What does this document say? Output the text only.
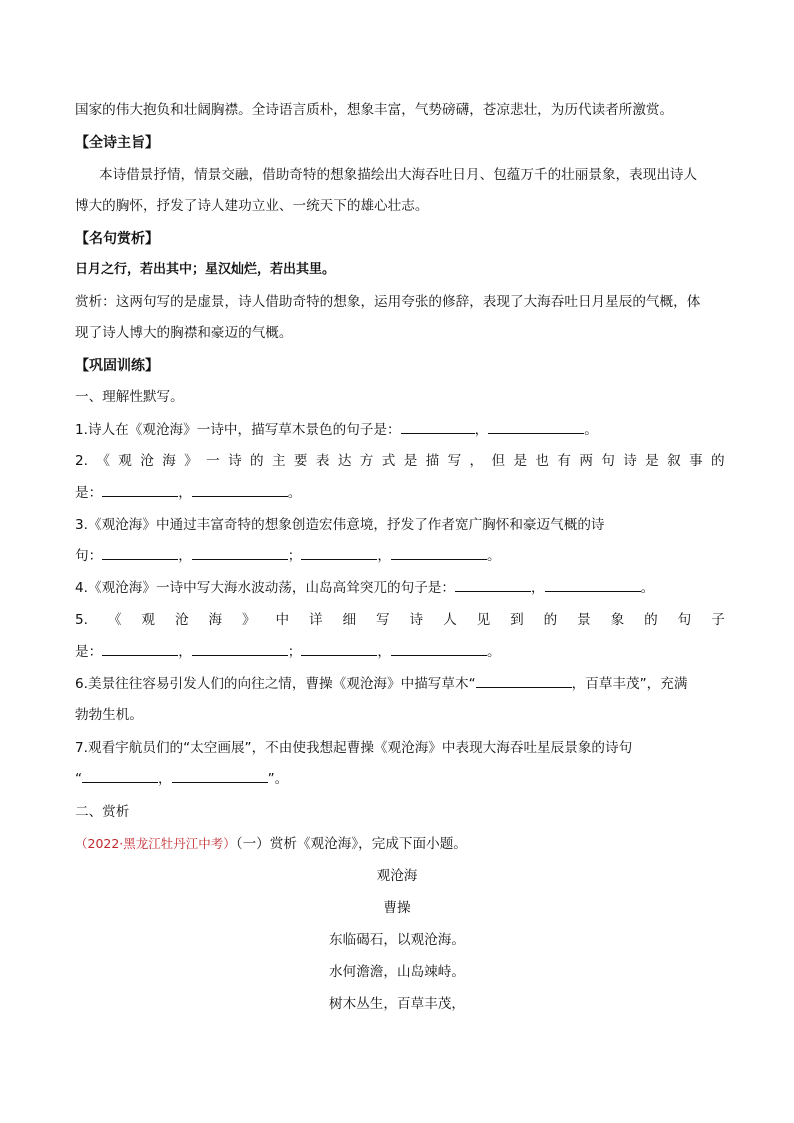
国家的伟大抱负和壮阔胸襟。全诗语言质朴，想象丰富，气势磅礴，苍凉悲壮，为历代读者所激赏。
【全诗主旨】
本诗借景抒情，情景交融，借助奇特的想象描绘出大海吞吐日月、包蕴万千的壮丽景象，表现出诗人
博大的胸怀，抒发了诗人建功立业、一统天下的雄心壮志。
【名句赏析】
日月之行，若出其中；星汉灿烂，若出其里。
赏析：这两句写的是虚景，诗人借助奇特的想象，运用夸张的修辞，表现了大海吞吐日月星辰的气概，体
现了诗人博大的胸襟和豪迈的气概。
【巩固训练】
一、理解性默写。
1.诗人在《观沧海》一诗中，描写草木景色的句子是：	，	。
2. 《 观 沧 海 》 一 诗 的 主 要 表 达 方 式 是 描 写 ， 但 是 也 有 两 句 诗 是 叙 事 的
是：	，	。
3.《观沧海》中通过丰富奇特的想象创造宏伟意境，抒发了作者宽广胸怀和豪迈气概的诗
句：	，	；	，	。
4.《观沧海》一诗中写大海水波动荡，山岛高耸突兀的句子是：	，	。
5. 《 观 沧 海 》 中 详 细 写 诗 人 见 到 的 景 象 的 句 子
是：	，	；	，	。
6.美景往往容易引发人们的向往之情，曹操《观沧海》中描写草木“	，百草丰茂”，充满
勃勃生机。
7.观看宇航员们的“太空画展”，不由使我想起曹操《观沧海》中表现大海吞吐星辰景象的诗句
“	，	”。
二、赏析
（2022·黑龙江牡丹江中考）（一）赏析《观沧海》，完成下面小题。
观沧海
曹操
东临碣石，以观沧海。
水何澹澹，山岛竦峙。
树木丛生，百草丰茂，
